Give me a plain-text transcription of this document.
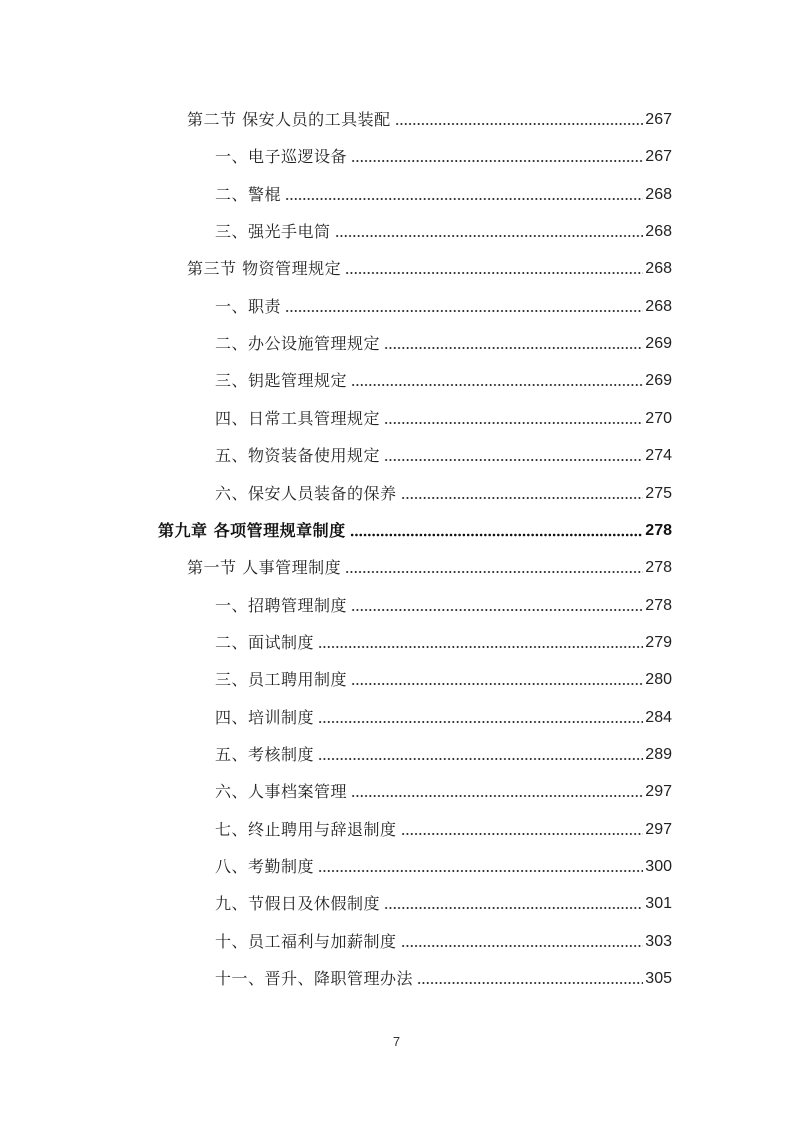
第二节 保安人员的工具装配	267
一、电子巡逻设备	267
二、警棍	268
三、强光手电筒	268
第三节 物资管理规定	268
一、职责	268
二、办公设施管理规定	269
三、钥匙管理规定	269
四、日常工具管理规定	270
五、物资装备使用规定	274
六、保安人员装备的保养	275
第九章 各项管理规章制度	278
第一节 人事管理制度	278
一、招聘管理制度	278
二、面试制度	279
三、员工聘用制度	280
四、培训制度	284
五、考核制度	289
六、人事档案管理	297
七、终止聘用与辞退制度	297
八、考勤制度	300
九、节假日及休假制度	301
十、员工福利与加薪制度	303
十一、晋升、降职管理办法	305
7
